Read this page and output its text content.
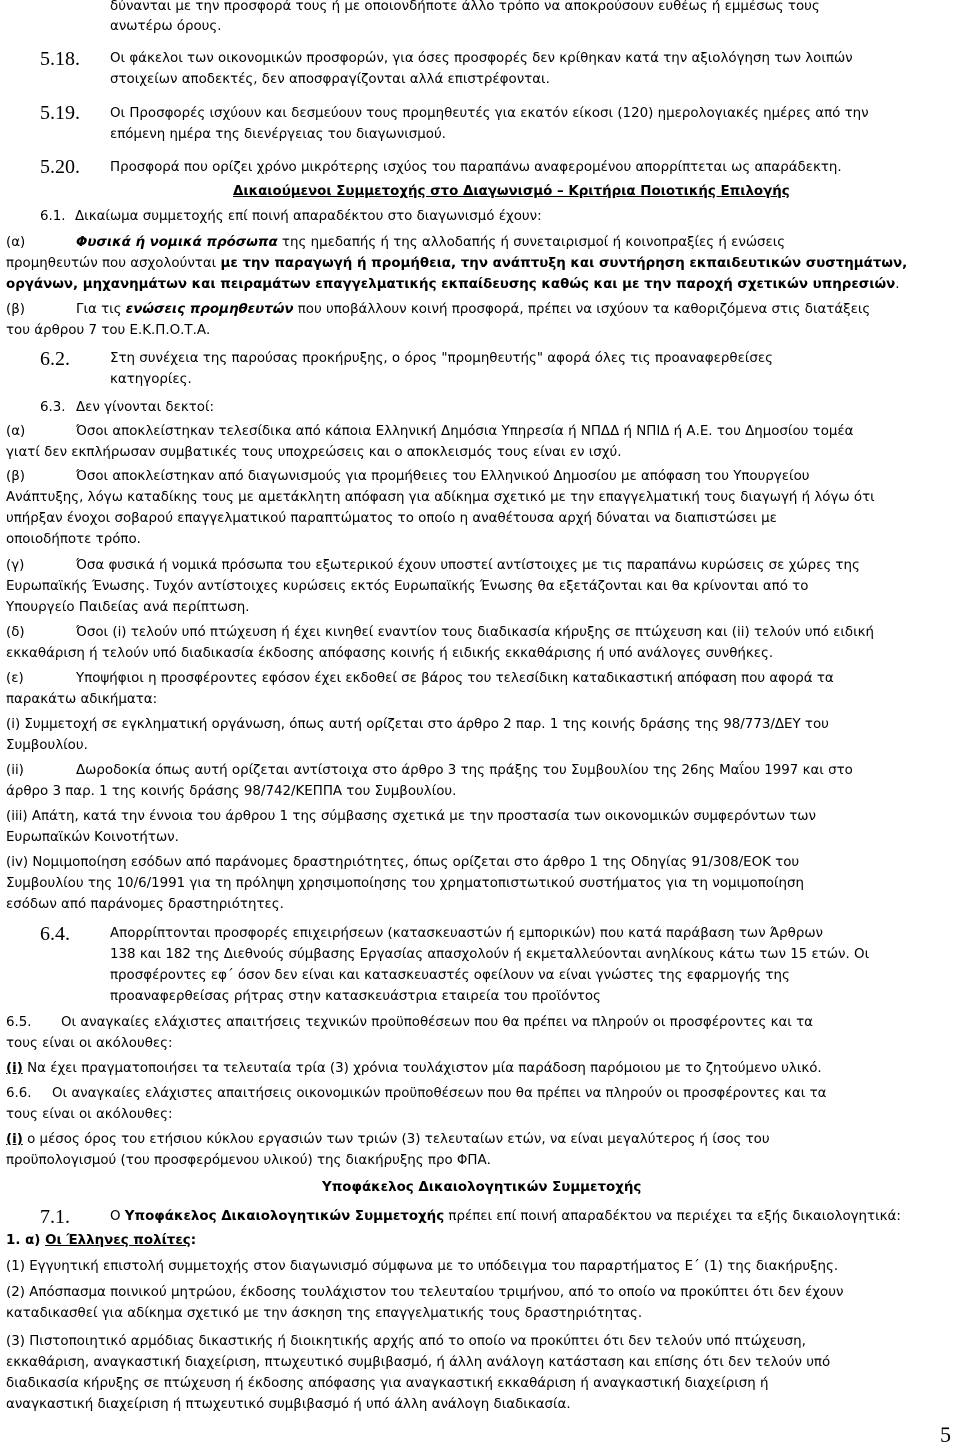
δύνανται με την προσφορά τους ή με οποιονδήποτε άλλο τρόπο να αποκρούσουν ευθέως ή εμμέσως τους
ανωτέρω όρους.
5.18. Οι φάκελοι των οικονομικών προσφορών, για όσες προσφορές δεν κρίθηκαν κατά την αξιολόγηση των λοιπών
στοιχείων αποδεκτές, δεν αποσφραγίζονται αλλά επιστρέφονται.
5.19. Οι Προσφορές ισχύουν και δεσμεύουν τους προμηθευτές για εκατόν είκοσι (120) ημερολογιακές ημέρες από την
επόμενη ημέρα της διενέργειας του διαγωνισμού.
5.20. Προσφορά που ορίζει χρόνο μικρότερης ισχύος του παραπάνω αναφερομένου απορρίπτεται ως απαράδεκτη.
Δικαιούμενοι Συμμετοχής στο Διαγωνισμό – Κριτήρια Ποιοτικής Επιλογής
6.1. Δικαίωμα συμμετοχής επί ποινή απαραδέκτου στο διαγωνισμό έχουν:
(α)	Φυσικά ή νομικά πρόσωπα της ημεδαπής ή της αλλοδαπής ή συνεταιρισμοί ή κοινοπραξίες ή ενώσεις
προμηθευτών που ασχολούνται με την παραγωγή ή προμήθεια, την ανάπτυξη και συντήρηση εκπαιδευτικών συστημάτων,
οργάνων, μηχανημάτων και πειραμάτων επαγγελματικής εκπαίδευσης καθώς και με την παροχή σχετικών υπηρεσιών.
(β)	Για τις ενώσεις προμηθευτών που υποβάλλουν κοινή προσφορά, πρέπει να ισχύουν τα καθοριζόμενα στις διατάξεις
του άρθρου 7 του Ε.Κ.Π.Ο.Τ.Α.
6.2.	Στη συνέχεια της παρούσας προκήρυξης, ο όρος "προμηθευτής" αφορά όλες τις προαναφερθείσες
κατηγορίες.
6.3. Δεν γίνονται δεκτοί:
(α)	Όσοι αποκλείστηκαν τελεσίδικα από κάποια Ελληνική Δημόσια Υπηρεσία ή ΝΠΔΔ ή ΝΠΙΔ ή Α.Ε. του Δημοσίου τομέα
γιατί δεν εκπλήρωσαν συμβατικές τους υποχρεώσεις και ο αποκλεισμός τους είναι εν ισχύ.
(β)	Όσοι αποκλείστηκαν από διαγωνισμούς για προμήθειες του Ελληνικού Δημοσίου με απόφαση του Υπουργείου
Ανάπτυξης, λόγω καταδίκης τους με αμετάκλητη απόφαση για αδίκημα σχετικό με την επαγγελματική τους διαγωγή ή λόγω ότι
υπήρξαν ένοχοι σοβαρού επαγγελματικού παραπτώματος το οποίο η αναθέτουσα αρχή δύναται να διαπιστώσει με
οποιοδήποτε τρόπο.
(γ)	Όσα φυσικά ή νομικά πρόσωπα του εξωτερικού έχουν υποστεί αντίστοιχες με τις παραπάνω κυρώσεις σε χώρες της
Ευρωπαϊκής Ένωσης. Τυχόν αντίστοιχες κυρώσεις εκτός Ευρωπαϊκής Ένωσης θα εξετάζονται και θα κρίνονται από το
Υπουργείο Παιδείας ανά περίπτωση.
(δ)	Όσοι (i) τελούν υπό πτώχευση ή έχει κινηθεί εναντίον τους διαδικασία κήρυξης σε πτώχευση και (ii) τελούν υπό ειδική
εκκαθάριση ή τελούν υπό διαδικασία έκδοσης απόφασης κοινής ή ειδικής εκκαθάρισης ή υπό ανάλογες συνθήκες.
(ε)	Υποψήφιοι η προσφέροντες εφόσον έχει εκδοθεί σε βάρος του τελεσίδικη καταδικαστική απόφαση που αφορά τα
παρακάτω αδικήματα:
(i) Συμμετοχή σε εγκληματική οργάνωση, όπως αυτή ορίζεται στο άρθρο 2 παρ. 1 της κοινής δράσης της 98/773/ΔΕΥ του
Συμβουλίου.
(ii)	Δωροδοκία όπως αυτή ορίζεται αντίστοιχα στο άρθρο 3 της πράξης του Συμβουλίου της 26ης Μαΐου 1997 και στο
άρθρο 3 παρ. 1 της κοινής δράσης 98/742/ΚΕΠΠΑ του Συμβουλίου.
(iii) Απάτη, κατά την έννοια του άρθρου 1 της σύμβασης σχετικά με την προστασία των οικονομικών συμφερόντων των
Ευρωπαϊκών Κοινοτήτων.
(iv) Νομιμοποίηση εσόδων από παράνομες δραστηριότητες, όπως ορίζεται στο άρθρο 1 της Οδηγίας 91/308/ΕΟΚ του
Συμβουλίου της 10/6/1991 για τη πρόληψη χρησιμοποίησης του χρηματοπιστωτικού συστήματος για τη νομιμοποίηση
εσόδων από παράνομες δραστηριότητες.
6.4.	Απορρίπτονται προσφορές επιχειρήσεων (κατασκευαστών ή εμπορικών) που κατά παράβαση των Άρθρων
138 και 182 της Διεθνούς σύμβασης Εργασίας απασχολούν ή εκμεταλλεύονται ανηλίκους κάτω των 15 ετών. Οι
προσφέροντες εφ΄ όσον δεν είναι και κατασκευαστές οφείλουν να είναι γνώστες της εφαρμογής της
προαναφερθείσας ρήτρας στην κατασκευάστρια εταιρεία του προϊόντος
6.5. Οι αναγκαίες ελάχιστες απαιτήσεις τεχνικών προϋποθέσεων που θα πρέπει να πληρούν οι προσφέροντες και τα
τους είναι οι ακόλουθες:
(i) Να έχει πραγματοποιήσει τα τελευταία τρία (3) χρόνια τουλάχιστον μία παράδοση παρόμοιου με το ζητούμενο υλικό.
6.6. Οι αναγκαίες ελάχιστες απαιτήσεις οικονομικών προϋποθέσεων που θα πρέπει να πληρούν οι προσφέροντες και τα
τους είναι οι ακόλουθες:
(i) ο μέσος όρος του ετήσιου κύκλου εργασιών των τριών (3) τελευταίων ετών, να είναι μεγαλύτερος ή ίσος του
προϋπολογισμού (του προσφερόμενου υλικού) της διακήρυξης προ ΦΠΑ.
Υποφάκελος Δικαιολογητικών Συμμετοχής
7.1.	Ο Υποφάκελος Δικαιολογητικών Συμμετοχής πρέπει επί ποινή απαραδέκτου να περιέχει τα εξής δικαιολογητικά:
1. α) Οι Έλληνες πολίτες:
(1) Εγγυητική επιστολή συμμετοχής στον διαγωνισμό σύμφωνα με το υπόδειγμα του παραρτήματος Ε΄ (1) της διακήρυξης.
(2) Απόσπασμα ποινικού μητρώου, έκδοσης τουλάχιστον του τελευταίου τριμήνου, από το οποίο να προκύπτει ότι δεν έχουν
καταδικασθεί για αδίκημα σχετικό με την άσκηση της επαγγελματικής τους δραστηριότητας.
(3) Πιστοποιητικό αρμόδιας δικαστικής ή διοικητικής αρχής από το οποίο να προκύπτει ότι δεν τελούν υπό πτώχευση,
εκκαθάριση, αναγκαστική διαχείριση, πτωχευτικό συμβιβασμό, ή άλλη ανάλογη κατάσταση και επίσης ότι δεν τελούν υπό
διαδικασία κήρυξης σε πτώχευση ή έκδοσης απόφασης για αναγκαστική εκκαθάριση ή αναγκαστική διαχείριση ή
αναγκαστική διαχείριση ή πτωχευτικό συμβιβασμό ή υπό άλλη ανάλογη διαδικασία.
5
